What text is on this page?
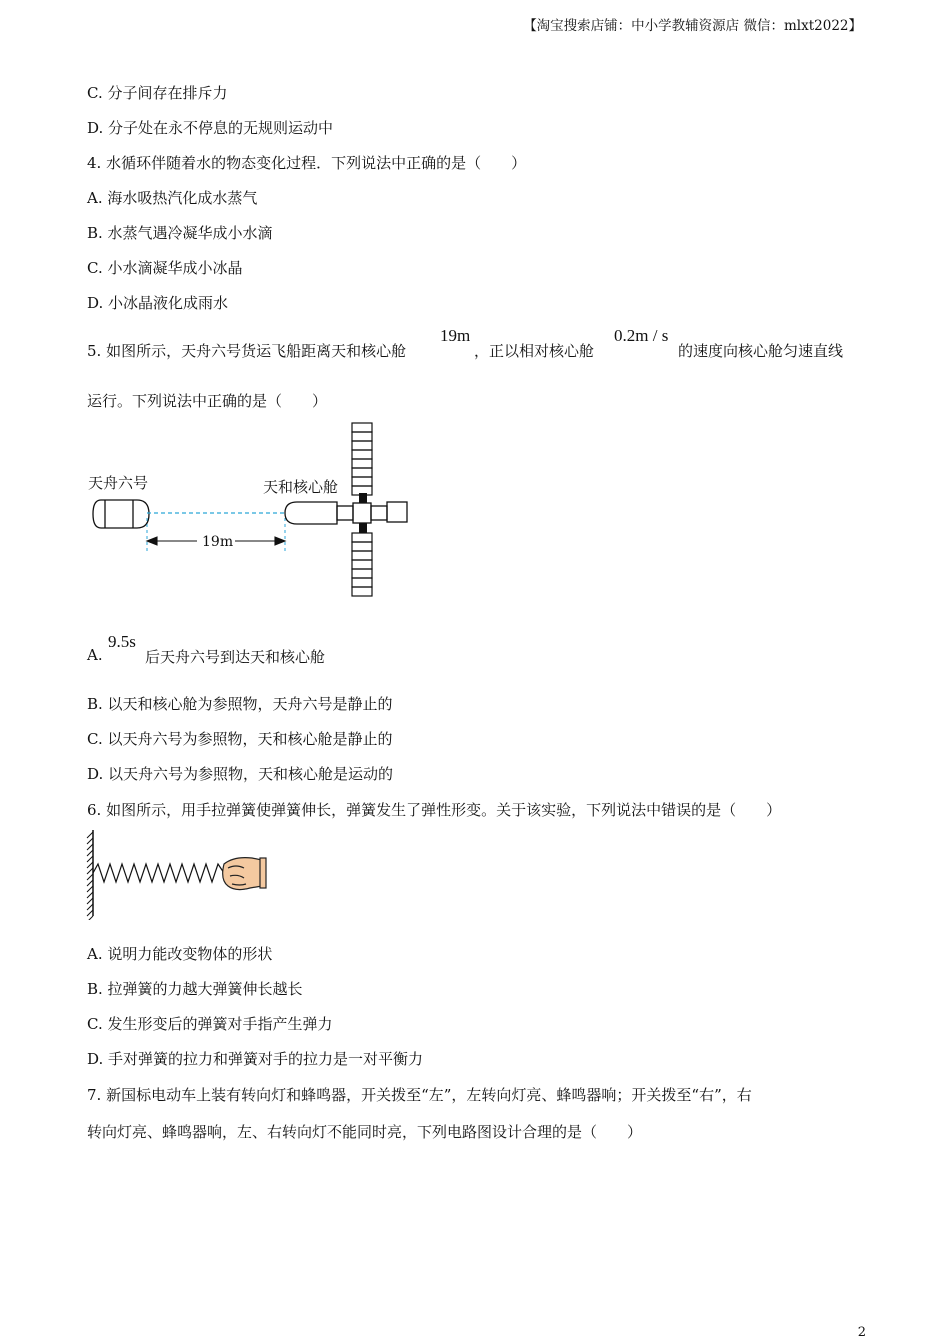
【淘宝搜索店铺：中小学教辅资源店 微信：mlxt2022】
C. 分子间存在排斥力
D. 分子处在永不停息的无规则运动中
4. 水循环伴随着水的物态变化过程．下列说法中正确的是（　　）
A. 海水吸热汽化成水蒸气
B. 水蒸气遇冷凝华成小水滴
C. 小水滴凝华成小冰晶
D. 小冰晶液化成雨水
5. 如图所示，天舟六号货运飞船距离天和核心舱
19m
，正以相对核心舱
0.2m / s
的速度向核心舱匀速直线
运行。下列说法中正确的是（　　）
天舟六号	天和核心舱
19m
A.
9.5s
后天舟六号到达天和核心舱
B. 以天和核心舱为参照物，天舟六号是静止的
C. 以天舟六号为参照物，天和核心舱是静止的
D. 以天舟六号为参照物，天和核心舱是运动的
6. 如图所示，用手拉弹簧使弹簧伸长，弹簧发生了弹性形变。关于该实验，下列说法中错误的是（　　）
A. 说明力能改变物体的形状
B. 拉弹簧的力越大弹簧伸长越长
C. 发生形变后的弹簧对手指产生弹力
D. 手对弹簧的拉力和弹簧对手的拉力是一对平衡力
7. 新国标电动车上装有转向灯和蜂鸣器，开关拨至“左”，左转向灯亮、蜂鸣器响；开关拨至“右”，右
转向灯亮、蜂鸣器响，左、右转向灯不能同时亮，下列电路图设计合理的是（　　）
2
